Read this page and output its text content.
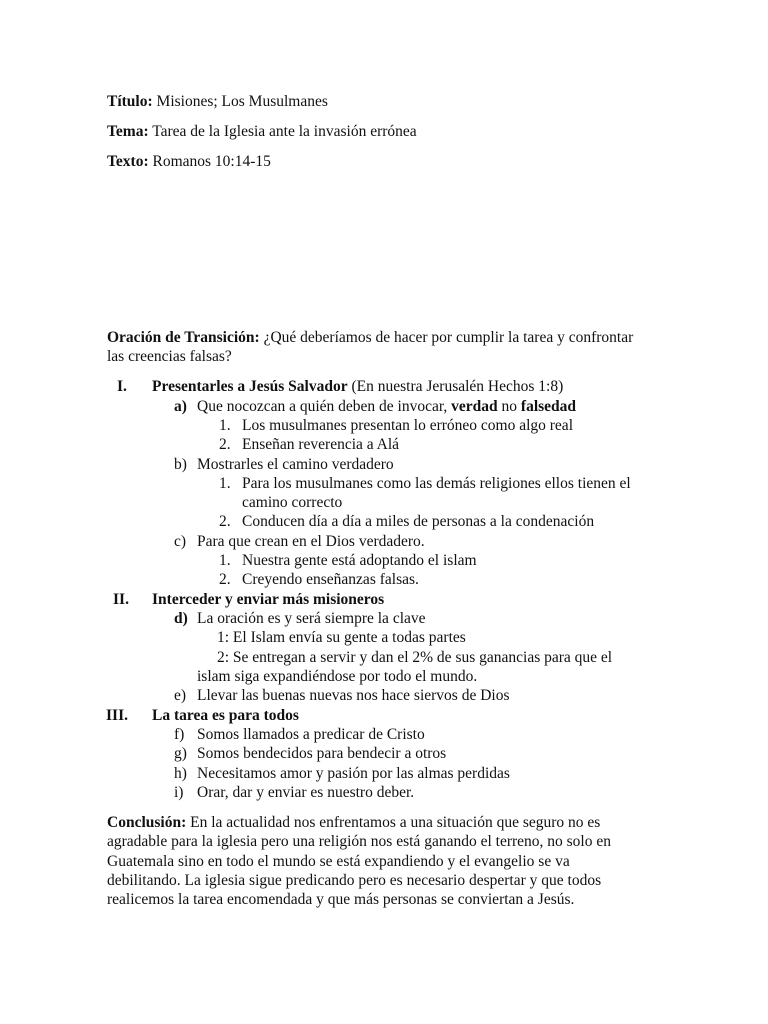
Título: Misiones; Los Musulmanes
Tema: Tarea de la Iglesia ante la invasión errónea
Texto: Romanos 10:14-15
Oración de Transición: ¿Qué deberíamos de hacer por cumplir la tarea y confrontar
las creencias falsas?
I. Presentarles a Jesús Salvador (En nuestra Jerusalén Hechos 1:8)
a) Que nocozcan a quién deben de invocar, verdad no falsedad
1. Los musulmanes presentan lo erróneo como algo real
2. Enseñan reverencia a Alá
b) Mostrarles el camino verdadero
1. Para los musulmanes como las demás religiones ellos tienen el
camino correcto
2. Conducen día a día a miles de personas a la condenación
c) Para que crean en el Dios verdadero.
1. Nuestra gente está adoptando el islam
2. Creyendo enseñanzas falsas.
II. Interceder y enviar más misioneros
d) La oración es y será siempre la clave
1: El Islam envía su gente a todas partes
2: Se entregan a servir y dan el 2% de sus ganancias para que el
islam siga expandiéndose por todo el mundo.
e) Llevar las buenas nuevas nos hace siervos de Dios
III. La tarea es para todos
f) Somos llamados a predicar de Cristo
g) Somos bendecidos para bendecir a otros
h) Necesitamos amor y pasión por las almas perdidas
i) Orar, dar y enviar es nuestro deber.
Conclusión: En la actualidad nos enfrentamos a una situación que seguro no es
agradable para la iglesia pero una religión nos está ganando el terreno, no solo en
Guatemala sino en todo el mundo se está expandiendo y el evangelio se va
debilitando. La iglesia sigue predicando pero es necesario despertar y que todos
realicemos la tarea encomendada y que más personas se conviertan a Jesús.
